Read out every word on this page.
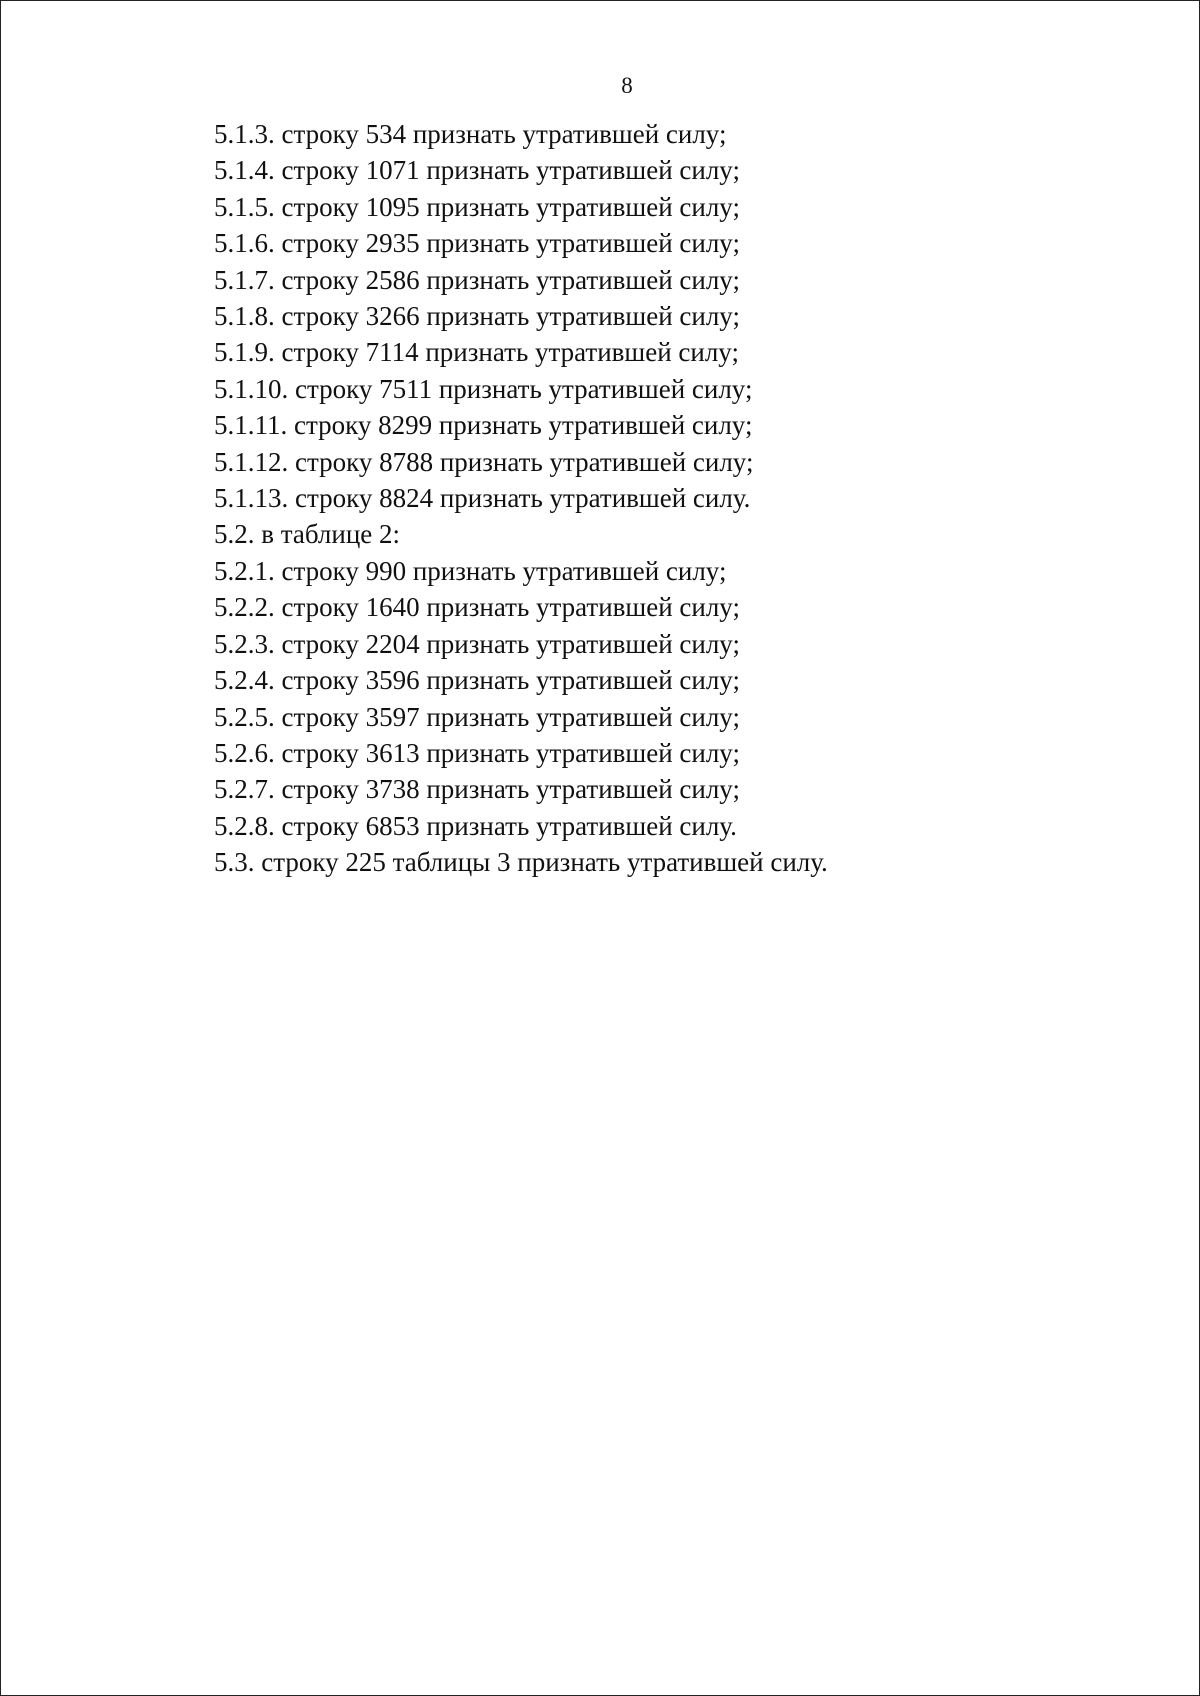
8
5.1.3. строку 534 признать утратившей силу;
5.1.4. строку 1071 признать утратившей силу;
5.1.5. строку 1095 признать утратившей силу;
5.1.6. строку 2935 признать утратившей силу;
5.1.7. строку 2586 признать утратившей силу;
5.1.8. строку 3266 признать утратившей силу;
5.1.9. строку 7114 признать утратившей силу;
5.1.10. строку 7511 признать утратившей силу;
5.1.11. строку 8299 признать утратившей силу;
5.1.12. строку 8788 признать утратившей силу;
5.1.13. строку 8824 признать утратившей силу.
5.2. в таблице 2:
5.2.1. строку 990 признать утратившей силу;
5.2.2. строку 1640 признать утратившей силу;
5.2.3. строку 2204 признать утратившей силу;
5.2.4. строку 3596 признать утратившей силу;
5.2.5. строку 3597 признать утратившей силу;
5.2.6. строку 3613 признать утратившей силу;
5.2.7. строку 3738 признать утратившей силу;
5.2.8. строку 6853 признать утратившей силу.
5.3. строку 225 таблицы 3 признать утратившей силу.
